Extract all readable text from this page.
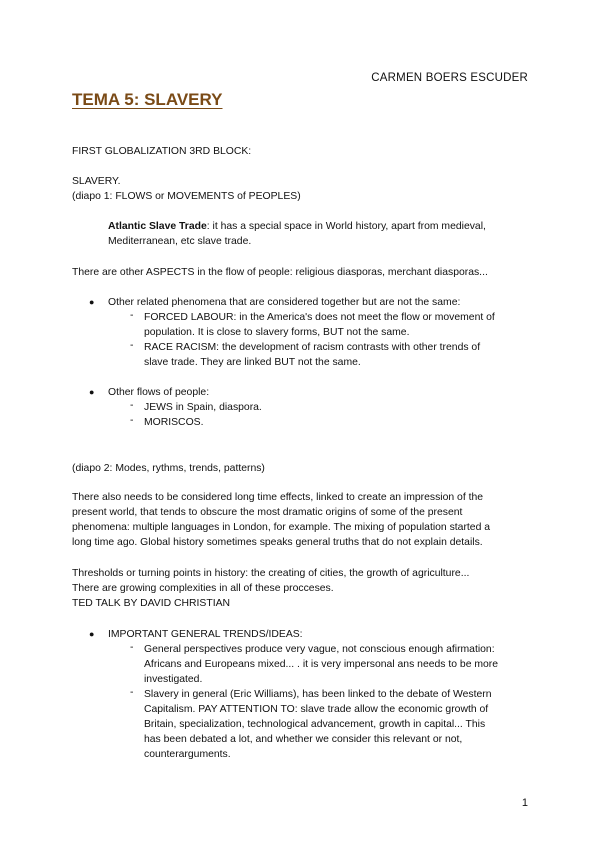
CARMEN BOERS ESCUDER
TEMA 5: SLAVERY
FIRST GLOBALIZATION 3RD BLOCK:
SLAVERY.
(diapo 1: FLOWS or MOVEMENTS of PEOPLES)
Atlantic Slave Trade: it has a special space in World history, apart from medieval,
Mediterranean, etc slave trade.
There are other ASPECTS in the flow of people: religious diasporas, merchant diasporas...
● Other related phenomena that are considered together but are not the same:
- FORCED LABOUR: in the America's does not meet the flow or movement of
population. It is close to slavery forms, BUT not the same.
- RACE RACISM: the development of racism contrasts with other trends of
slave trade. They are linked BUT not the same.
● Other flows of people:
- JEWS in Spain, diaspora.
- MORISCOS.
(diapo 2: Modes, rythms, trends, patterns)
There also needs to be considered long time effects, linked to create an impression of the
present world, that tends to obscure the most dramatic origins of some of the present
phenomena: multiple languages in London, for example. The mixing of population started a
long time ago. Global history sometimes speaks general truths that do not explain details.
Thresholds or turning points in history: the creating of cities, the growth of agriculture...
There are growing complexities in all of these procceses.
TED TALK BY DAVID CHRISTIAN
● IMPORTANT GENERAL TRENDS/IDEAS:
- General perspectives produce very vague, not conscious enough afirmation:
Africans and Europeans mixed... . it is very impersonal ans needs to be more
investigated.
- Slavery in general (Eric Williams), has been linked to the debate of Western
Capitalism. PAY ATTENTION TO: slave trade allow the economic growth of
Britain, specialization, technological advancement, growth in capital... This
has been debated a lot, and whether we consider this relevant or not,
counterarguments.
1
